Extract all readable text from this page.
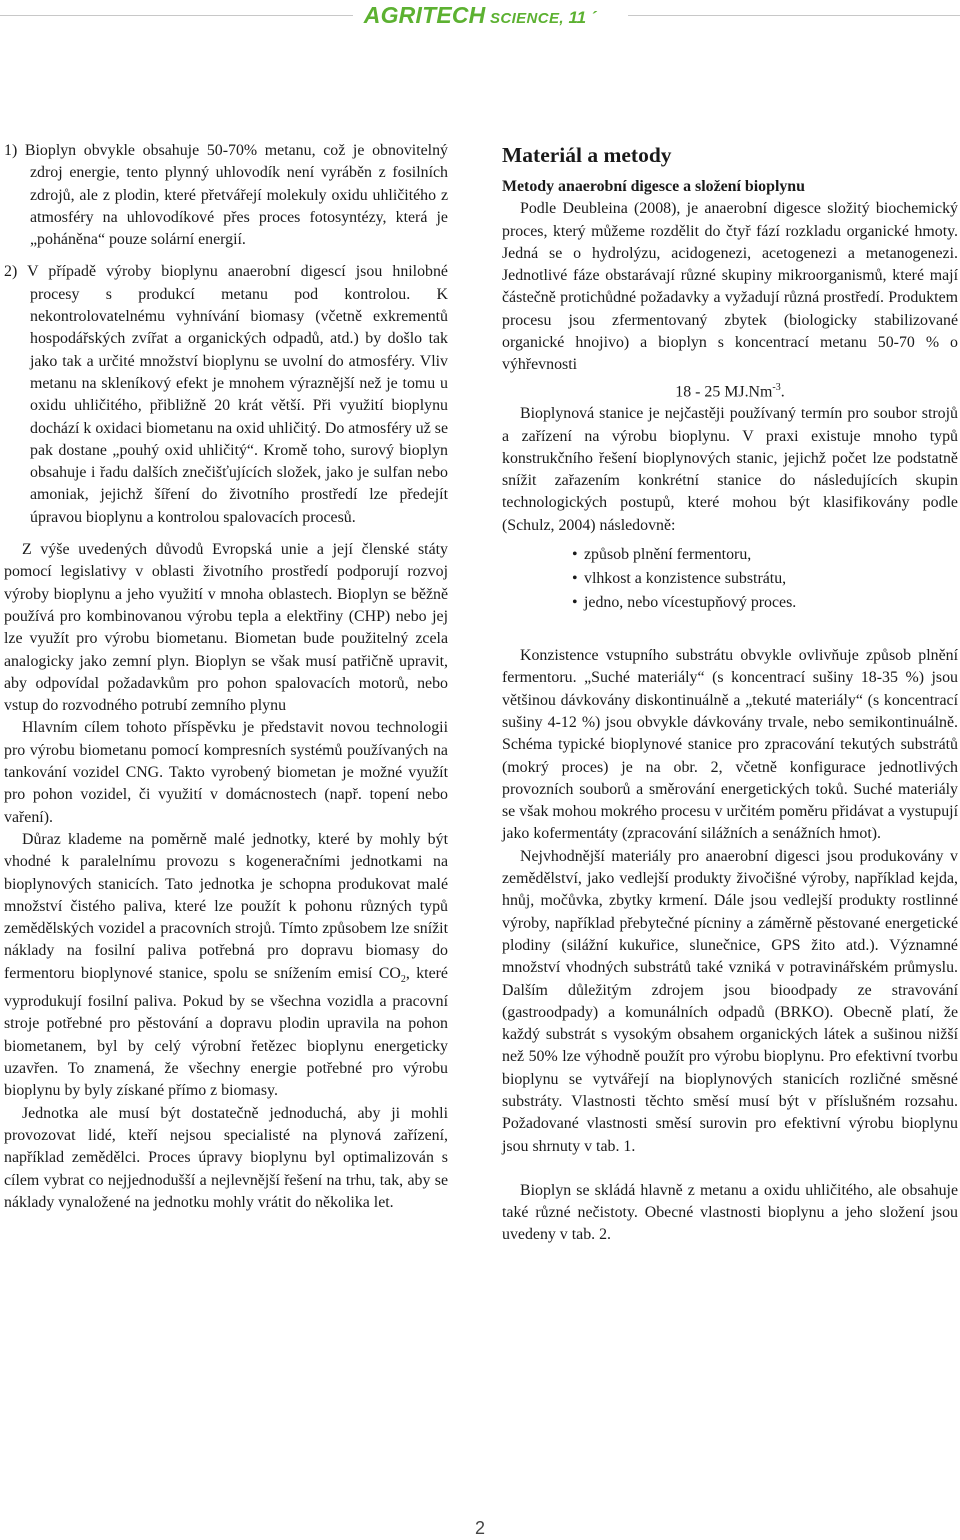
AGRITECH SCIENCE, 11 ´

1) Bioplyn obvykle obsahuje 50-70% metanu, což je obnovitelný zdroj energie, tento plynný uhlovodík není vyráběn z fosilních zdrojů, ale z plodin, které přetvářejí molekuly oxidu uhličitého z atmosféry na uhlovodíkové přes proces fotosyntézy, která je „poháněna“ pouze solární energií.

2) V případě výroby bioplynu anaerobní digescí jsou hnilobné procesy s produkcí metanu pod kontrolou. K nekontrolovatelnému vyhnívání biomasy (včetně exkrementů hospodářských zvířat a organických odpadů, atd.) by došlo tak jako tak a určité množství bioplynu se uvolní do atmosféry. Vliv metanu na skleníkový efekt je mnohem výraznější než je tomu u oxidu uhličitého, přibližně 20 krát větší. Při využití bioplynu dochází k oxidaci biometanu na oxid uhličitý. Do atmosféry už se pak dostane „pouhý oxid uhličitý“. Kromě toho, surový bioplyn obsahuje i řadu dalších znečišťujících složek, jako je sulfan nebo amoniak, jejichž šíření do životního prostředí lze předejít úpravou bioplynu a kontrolou spalovacích procesů.

Z výše uvedených důvodů Evropská unie a její členské státy pomocí legislativy v oblasti životního prostředí podporují rozvoj výroby bioplynu a jeho využití v mnoha oblastech. Bioplyn se běžně používá pro kombinovanou výrobu tepla a elektřiny (CHP) nebo jej lze využít pro výrobu biometanu. Biometan bude použitelný zcela analogicky jako zemní plyn. Bioplyn se však musí patřičně upravit, aby odpovídal požadavkům pro pohon spalovacích motorů, nebo vstup do rozvodného potrubí zemního plynu

Hlavním cílem tohoto příspěvku je představit novou technologii pro výrobu biometanu pomocí kompresních systémů používaných na tankování vozidel CNG. Takto vyrobený biometan je možné využít pro pohon vozidel, či využití v domácnostech (např. topení nebo vaření).

Důraz klademe na poměrně malé jednotky, které by mohly být vhodné k paralelnímu provozu s kogeneračními jednotkami na bioplynových stanicích. Tato jednotka je schopna produkovat malé množství čistého paliva, které lze použít k pohonu různých typů zemědělských vozidel a pracovních strojů. Tímto způsobem lze snížit náklady na fosilní paliva potřebná pro dopravu biomasy do fermentoru bioplynové stanice, spolu se snížením emisí $CO_2$, které vyprodukují fosilní paliva. Pokud by se všechna vozidla a pracovní stroje potřebné pro pěstování a dopravu plodin upravila na pohon biometanem, byl by celý výrobní řetězec bioplynu energeticky uzavřen. To znamená, že všechny energie potřebné pro výrobu bioplynu by byly získané přímo z biomasy.

Jednotka ale musí být dostatečně jednoduchá, aby ji mohli provozovat lidé, kteří nejsou specialisté na plynová zařízení, například zemědělci. Proces úpravy bioplynu byl optimalizován s cílem vybrat co nejjednodušší a nejlevnější řešení na trhu, tak, aby se náklady vynaložené na jednotku mohly vrátit do několika let.

Materiál a metody
Metody anaerobní digesce a složení bioplynu

Podle Deubleina (2008), je anaerobní digesce složitý biochemický proces, který můžeme rozdělit do čtyř fází rozkladu organické hmoty. Jedná se o hydrolýzu, acidogenezi, acetogenezi a metanogenezi. Jednotlivé fáze obstarávají různé skupiny mikroorganismů, které mají částečně protichůdné požadavky a vyžadují různá prostředí. Produktem procesu jsou zfermentovaný zbytek (biologicky stabilizované organické hnojivo) a bioplyn s koncentrací metanu 50-70 % o výhřevnosti

18 - 25 $MJ.Nm^{-3}$.

Bioplynová stanice je nejčastěji používaný termín pro soubor strojů a zařízení na výrobu bioplynu. V praxi existuje mnoho typů konstrukčního řešení bioplynových stanic, jejichž počet lze podstatně snížit zařazením konkrétní stanice do následujících skupin technologických postupů, které mohou být klasifikovány podle (Schulz, 2004) následovně:

• způsob plnění fermentoru,
• vlhkost a konzistence substrátu,
• jedno, nebo vícestupňový proces.

Konzistence vstupního substrátu obvykle ovlivňuje způsob plnění fermentoru. „Suché materiály“ (s koncentrací sušiny 18-35 %) jsou většinou dávkovány diskontinuálně a „tekuté materiály“ (s koncentrací sušiny 4-12 %) jsou obvykle dávkovány trvale, nebo semikontinuálně. Schéma typické bioplynové stanice pro zpracování tekutých substrátů (mokrý proces) je na obr. 2, včetně konfigurace jednotlivých provozních souborů a směrování energetických toků. Suché materiály se však mohou mokrého procesu v určitém poměru přidávat a vystupují jako kofermentáty (zpracování silážních a senážních hmot).

Nejvhodnější materiály pro anaerobní digesci jsou produkovány v zemědělství, jako vedlejší produkty živočišné výroby, například kejda, hnůj, močůvka, zbytky krmení. Dále jsou vedlejší produkty rostlinné výroby, například přebytečné pícniny a záměrně pěstované energetické plodiny (silážní kukuřice, slunečnice, GPS žito atd.). Významné množství vhodných substrátů také vzniká v potravinářském průmyslu. Dalším důležitým zdrojem jsou bioodpady ze stravování (gastroodpady) a komunálních odpadů (BRKO). Obecně platí, že každý substrát s vysokým obsahem organických látek a sušinou nižší než 50% lze výhodně použít pro výrobu bioplynu. Pro efektivní tvorbu bioplynu se vytvářejí na bioplynových stanicích rozličné směsné substráty. Vlastnosti těchto směsí musí být v příslušném rozsahu. Požadované vlastnosti směsí surovin pro efektivní výrobu bioplynu jsou shrnuty v tab. 1.

Bioplyn se skládá hlavně z metanu a oxidu uhličitého, ale obsahuje také různé nečistoty. Obecné vlastnosti bioplynu a jeho složení jsou uvedeny v tab. 2.

2
